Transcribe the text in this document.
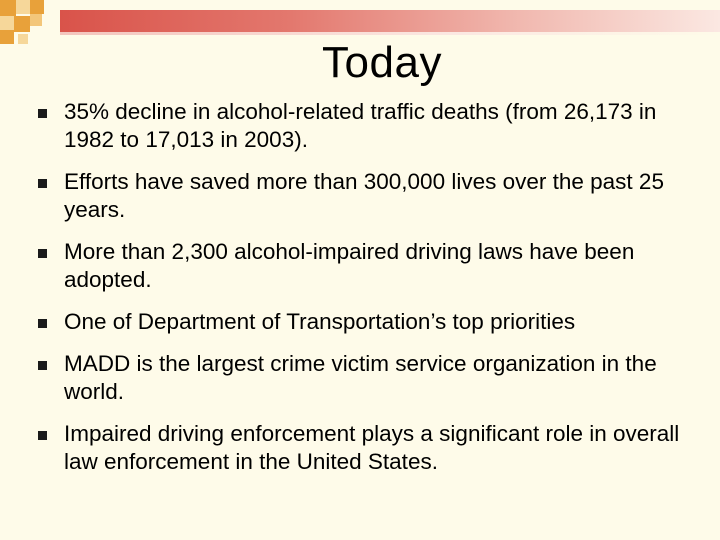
Today
35% decline in alcohol-related traffic deaths (from 26,173 in 1982 to 17,013 in 2003).
Efforts have saved more than 300,000 lives over the past 25 years.
More than 2,300 alcohol-impaired driving laws have been adopted.
One of Department of Transportation’s top priorities
MADD is the largest crime victim service organization in the world.
Impaired driving enforcement plays a significant role in overall law enforcement in the United States.
